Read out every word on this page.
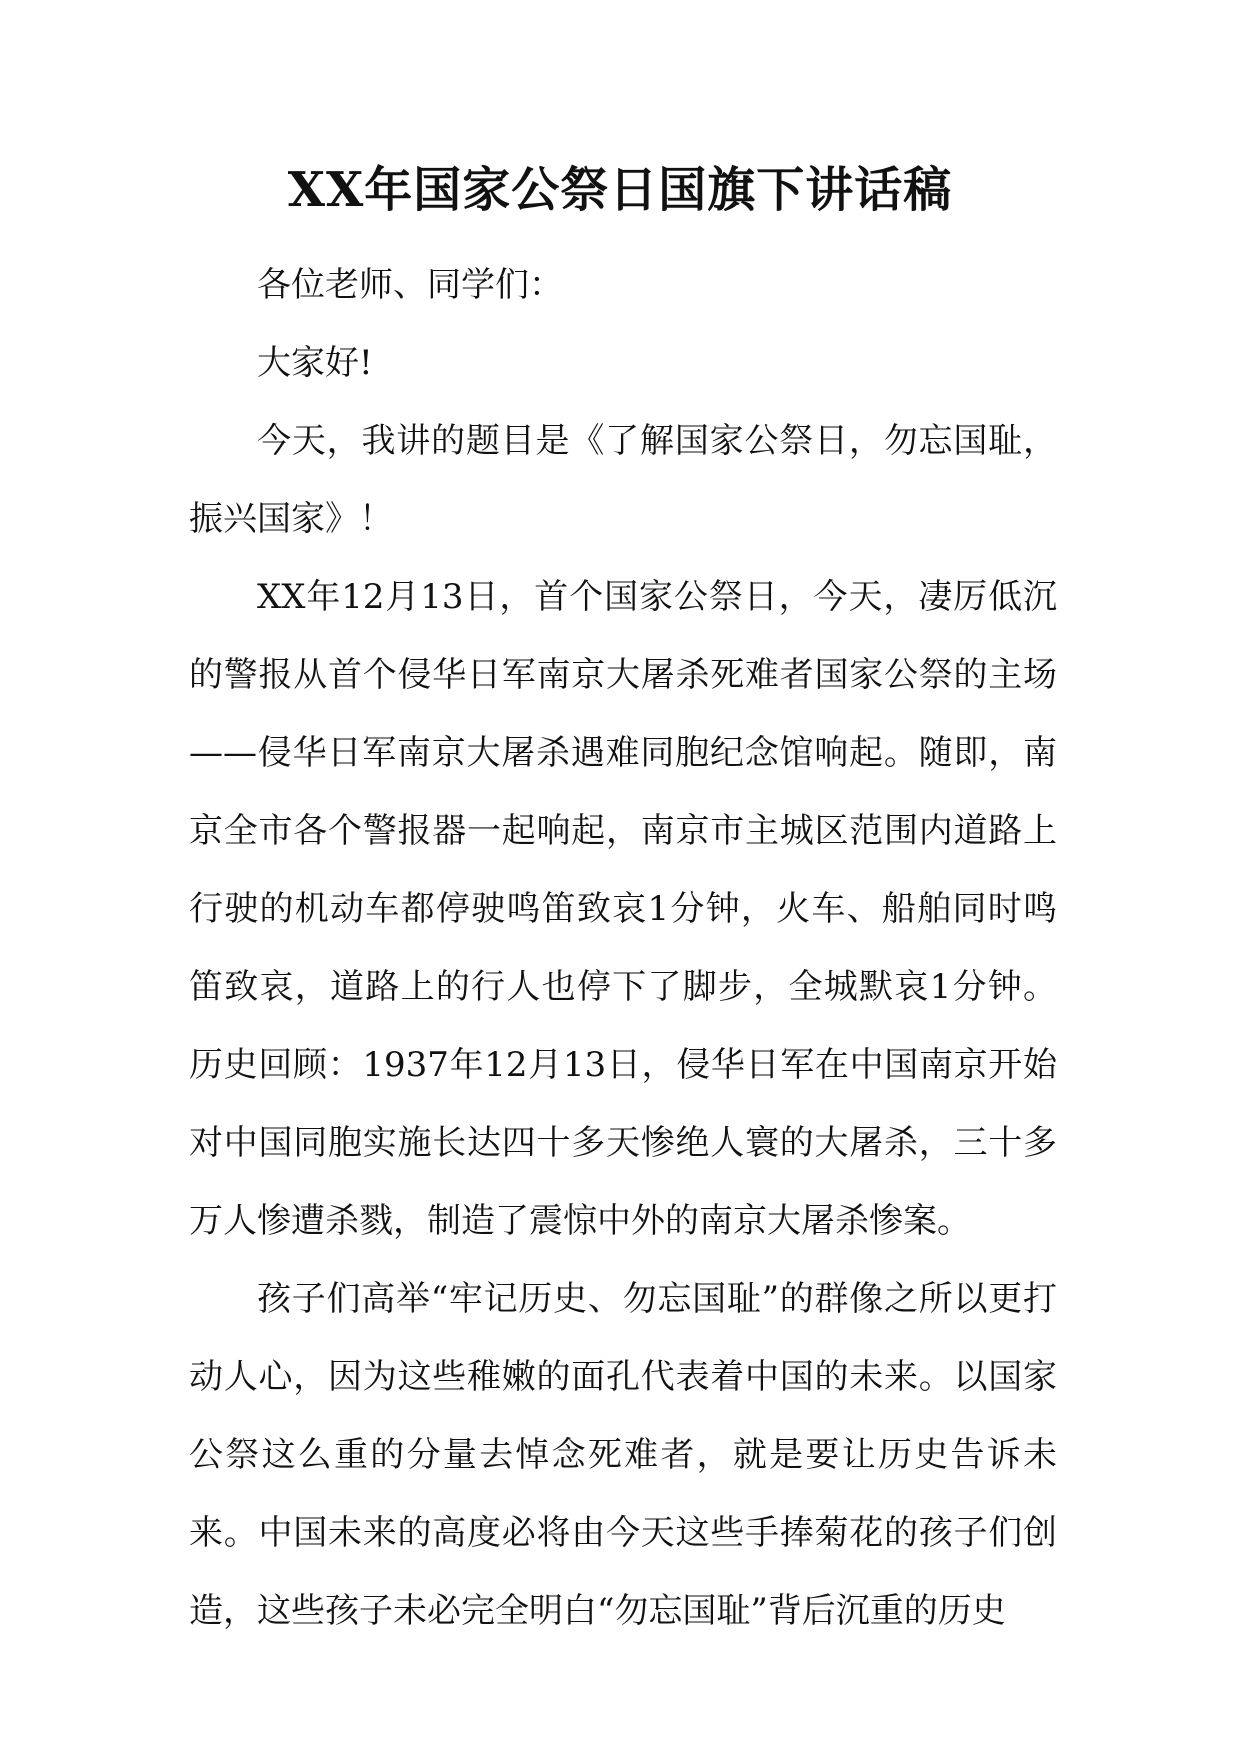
XX年国家公祭日国旗下讲话稿

各位老师、同学们：

大家好!

今天，我讲的题目是《了解国家公祭日，勿忘国耻，振兴国家》！

XX年12月13日，首个国家公祭日，今天，凄厉低沉的警报从首个侵华日军南京大屠杀死难者国家公祭的主场——侵华日军南京大屠杀遇难同胞纪念馆响起。随即，南京全市各个警报器一起响起，南京市主城区范围内道路上行驶的机动车都停驶鸣笛致哀1分钟，火车、船舶同时鸣笛致哀，道路上的行人也停下了脚步，全城默哀1分钟。历史回顾：1937年12月13日，侵华日军在中国南京开始对中国同胞实施长达四十多天惨绝人寰的大屠杀，三十多万人惨遭杀戮，制造了震惊中外的南京大屠杀惨案。

孩子们高举“牢记历史、勿忘国耻”的群像之所以更打动人心，因为这些稚嫩的面孔代表着中国的未来。以国家公祭这么重的分量去悼念死难者，就是要让历史告诉未来。中国未来的高度必将由今天这些手捧菊花的孩子们创造，这些孩子未必完全明白“勿忘国耻”背后沉重的历史
